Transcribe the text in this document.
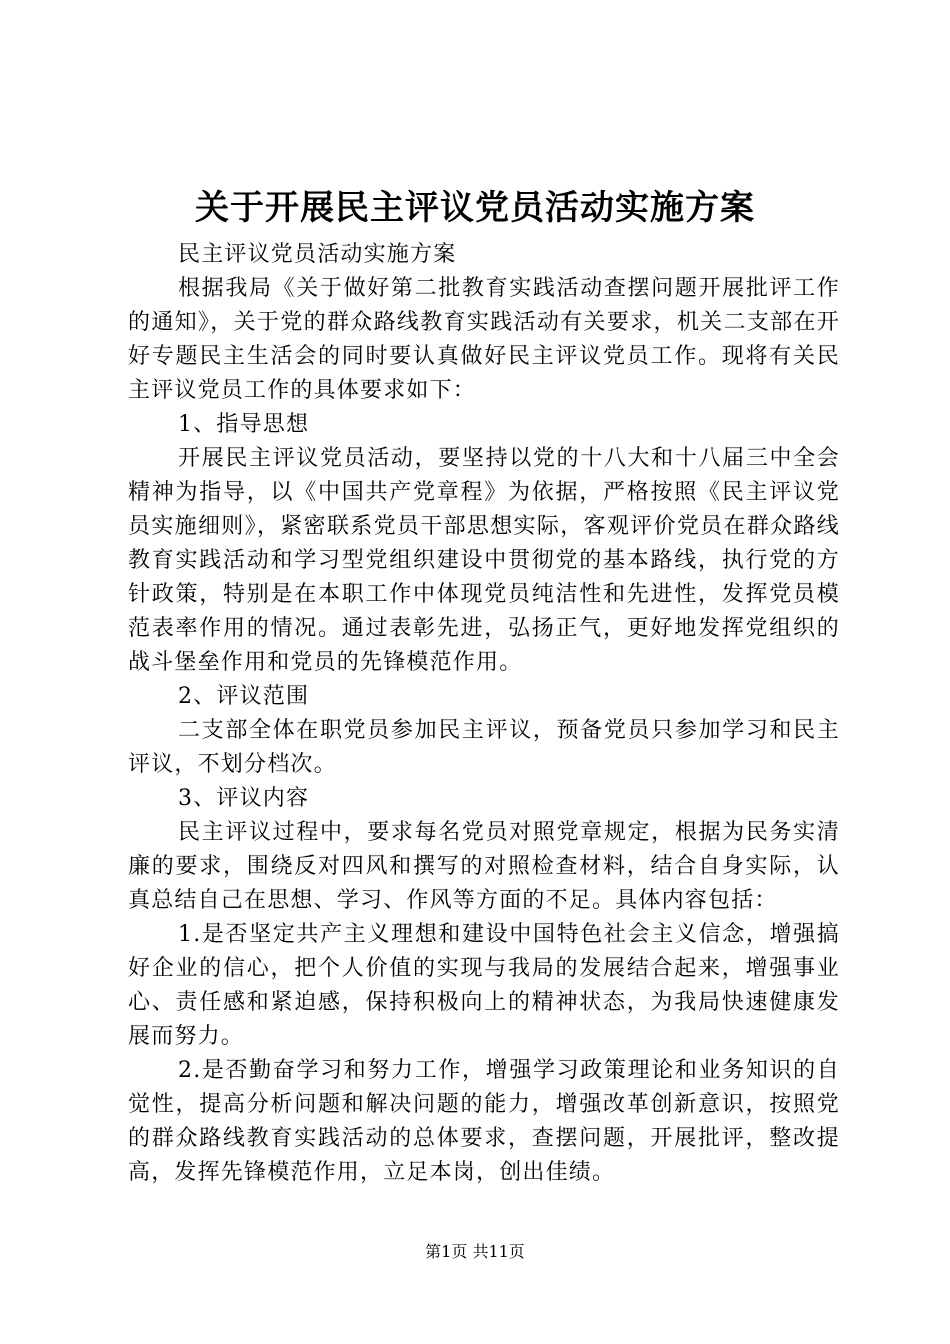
关于开展民主评议党员活动实施方案

民主评议党员活动实施方案

根据我局《关于做好第二批教育实践活动查摆问题开展批评工作的通知》，关于党的群众路线教育实践活动有关要求，机关二支部在开好专题民主生活会的同时要认真做好民主评议党员工作。现将有关民主评议党员工作的具体要求如下：

1、指导思想

开展民主评议党员活动，要坚持以党的十八大和十八届三中全会精神为指导，以《中国共产党章程》为依据，严格按照《民主评议党员实施细则》，紧密联系党员干部思想实际，客观评价党员在群众路线教育实践活动和学习型党组织建设中贯彻党的基本路线，执行党的方针政策，特别是在本职工作中体现党员纯洁性和先进性，发挥党员模范表率作用的情况。通过表彰先进，弘扬正气，更好地发挥党组织的战斗堡垒作用和党员的先锋模范作用。

2、评议范围

二支部全体在职党员参加民主评议，预备党员只参加学习和民主评议，不划分档次。

3、评议内容

民主评议过程中，要求每名党员对照党章规定，根据为民务实清廉的要求，围绕反对四风和撰写的对照检查材料，结合自身实际，认真总结自己在思想、学习、作风等方面的不足。具体内容包括：

1.是否坚定共产主义理想和建设中国特色社会主义信念，增强搞好企业的信心，把个人价值的实现与我局的发展结合起来，增强事业心、责任感和紧迫感，保持积极向上的精神状态，为我局快速健康发展而努力。

2.是否勤奋学习和努力工作，增强学习政策理论和业务知识的自觉性，提高分析问题和解决问题的能力，增强改革创新意识，按照党的群众路线教育实践活动的总体要求，查摆问题，开展批评，整改提高，发挥先锋模范作用，立足本岗，创出佳绩。

第1页 共11页
